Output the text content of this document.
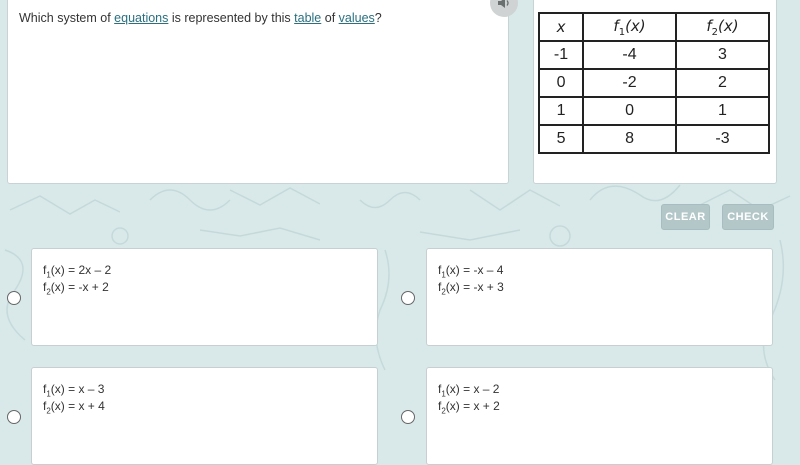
Which system of equations is represented by this table of values?	x	$f_1(x)$	$f_2(x)$
-1	-4	3
0	-2	2
1	0	1
5	8	-3
CLEAR	CHECK
$f_1(x) = 2x - 2$
$f_2(x) = -x + 2$
$f_1(x) = -x - 4$
$f_2(x) = -x + 3$
$f_1(x) = x - 3$
$f_2(x) = x + 4$
$f_1(x) = x - 2$
$f_2(x) = x + 2$
